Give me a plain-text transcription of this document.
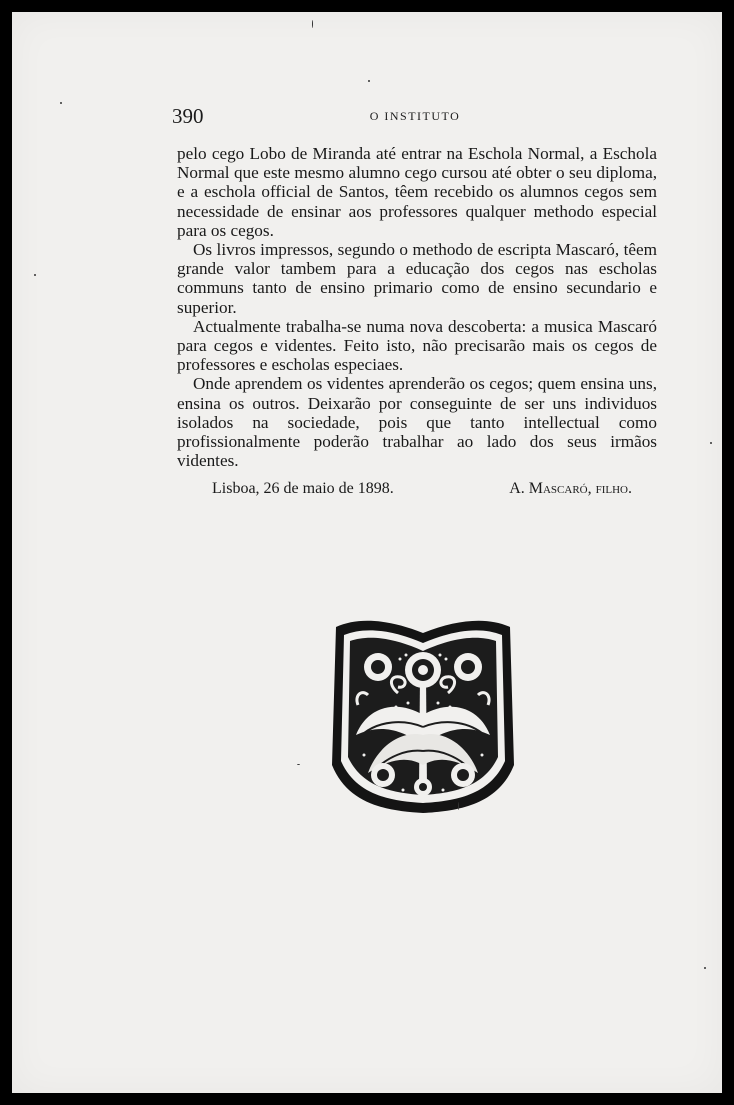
390	O INSTITUTO

pelo cego Lobo de Miranda até entrar na Eschola Normal, a Eschola Normal que este mesmo alumno cego cursou até obter o seu diploma, e a eschola official de Santos, têem recebido os alumnos cegos sem necessidade de ensinar aos professores qualquer methodo especial para os cegos.

Os livros impressos, segundo o methodo de escripta Mascaró, têem grande valor tambem para a educação dos cegos nas escholas communs tanto de ensino primario como de ensino secundario e superior.

Actualmente trabalha-se numa nova descoberta: a musica Mascaró para cegos e videntes. Feito isto, não precisarão mais os cegos de professores e escholas especiaes.

Onde aprendem os videntes aprenderão os cegos; quem ensina uns, ensina os outros. Deixarão por conseguinte de ser uns individuos isolados na sociedade, pois que tanto intellectual como profissionalmente poderão trabalhar ao lado dos seus irmãos videntes.

Lisboa, 26 de maio de 1898.	A. Mascaró, filho.
